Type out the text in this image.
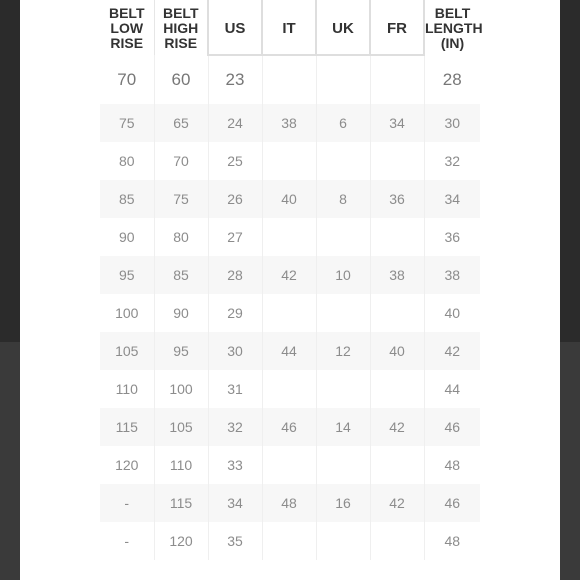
BELT
LOW
RISE	BELT
HIGH
RISE	US	IT	UK	FR	BELT
LENGTH
(IN)

70	60	23				28
75	65	24	38	6	34	30
80	70	25				32
85	75	26	40	8	36	34
90	80	27				36
95	85	28	42	10	38	38
100	90	29				40
105	95	30	44	12	40	42
110	100	31				44
115	105	32	46	14	42	46
120	110	33				48
-	115	34	48	16	42	46
-	120	35				48
